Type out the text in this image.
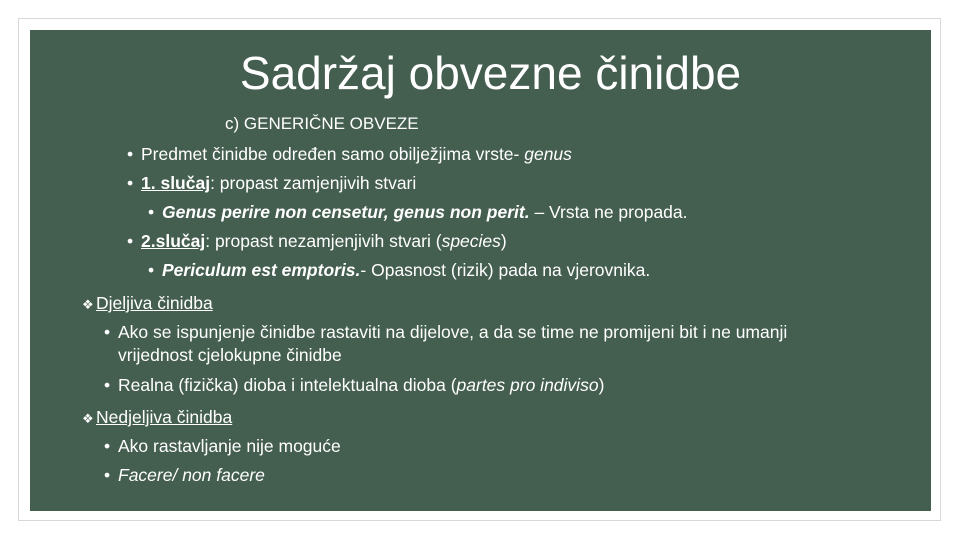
Sadržaj obvezne činidbe
c) GENERIČNE OBVEZE
• Predmet činidbe određen samo obilježjima vrste- genus
• 1. slučaj: propast zamjenjivih stvari
• Genus perire non censetur, genus non perit. – Vrsta ne propada.
• 2.slučaj: propast nezamjenjivih stvari (species)
• Periculum est emptoris.- Opasnost (rizik) pada na vjerovnika.
❖ Djeljiva činidba
• Ako se ispunjenje činidbe rastaviti na dijelove, a da se time ne promijeni bit i ne umanji
vrijednost cjelokupne činidbe
• Realna (fizička) dioba i intelektualna dioba (partes pro indiviso)
❖ Nedjeljiva činidba
• Ako rastavljanje nije moguće
• Facere/ non facere
